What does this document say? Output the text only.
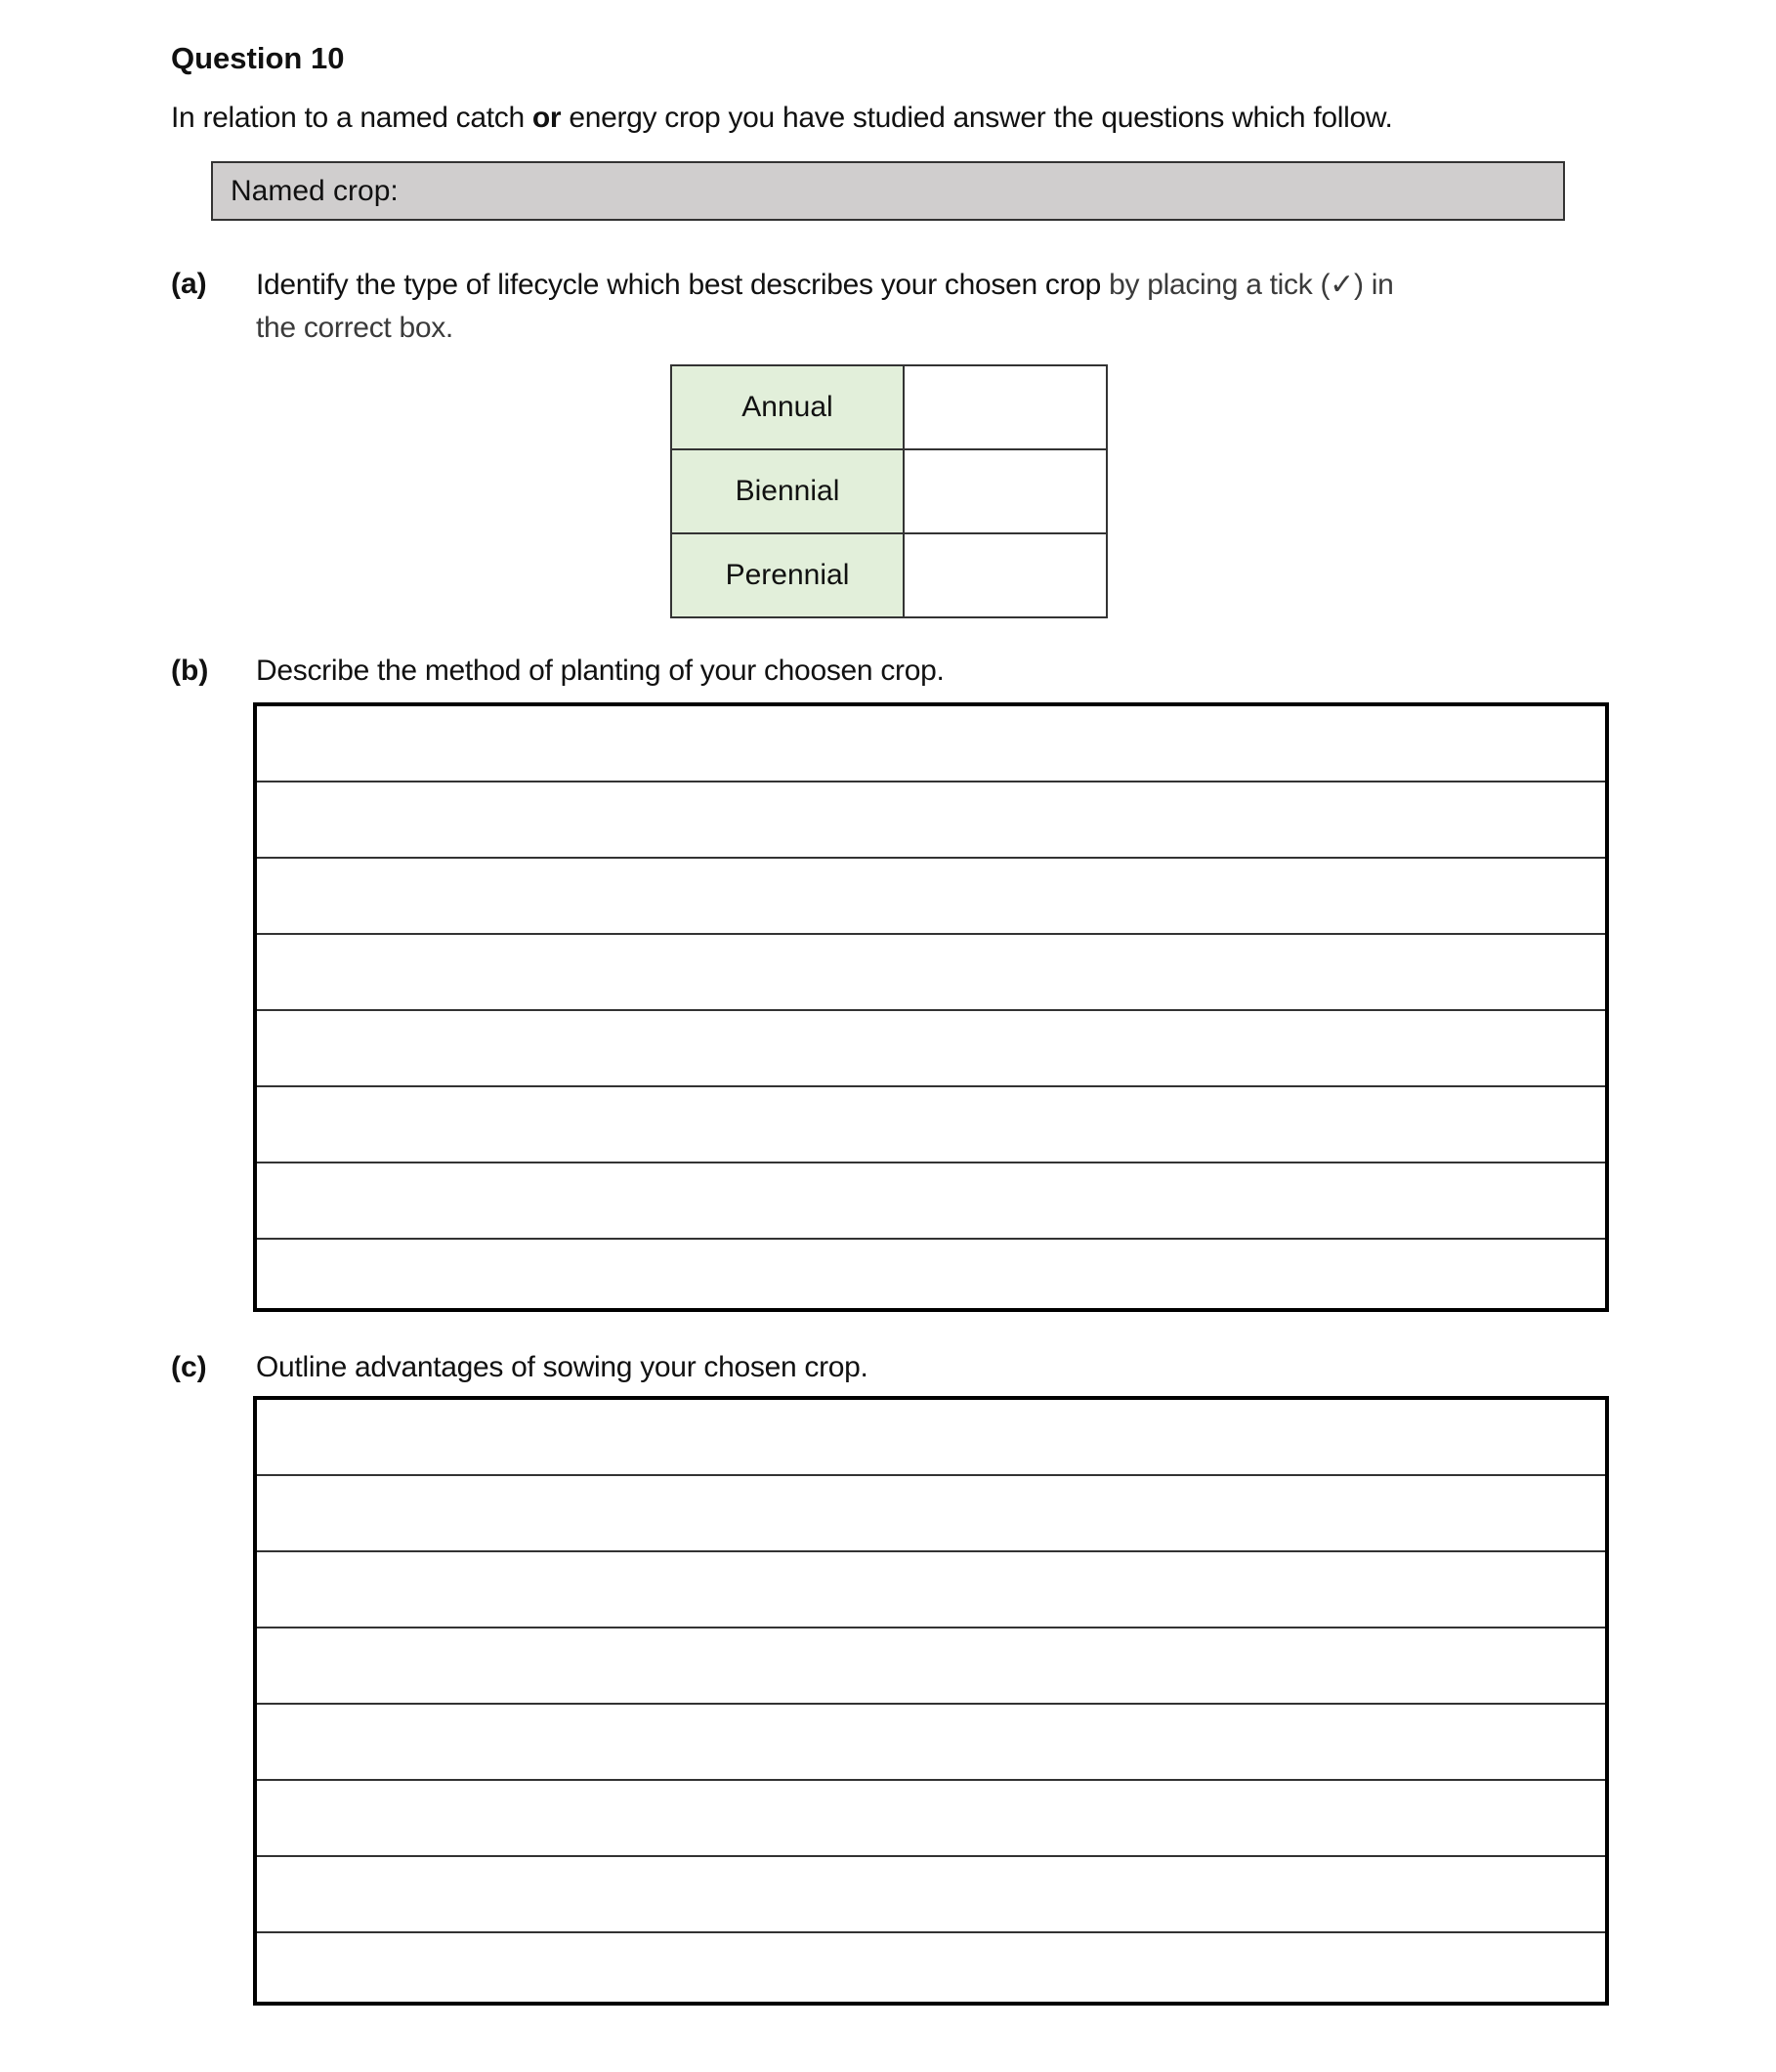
Question 10
In relation to a named catch or energy crop you have studied answer the questions which follow.
Named crop:
(a) Identify the type of lifecycle which best describes your chosen crop by placing a tick (✓) in
the correct box.
Annual	
Biennial	
Perennial	
(b) Describe the method of planting of your choosen crop.
(c) Outline advantages of sowing your chosen crop.
